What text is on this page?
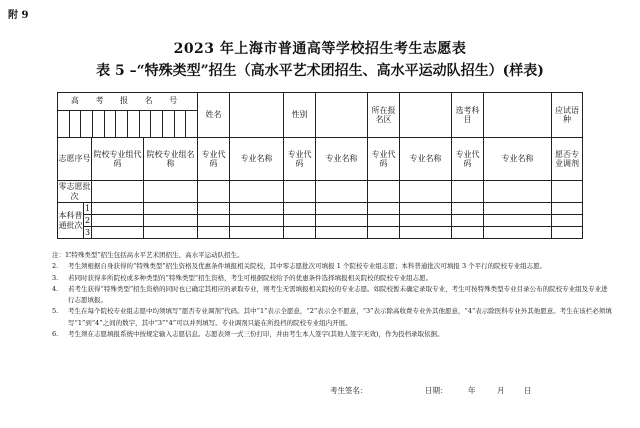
附 9
2023 年上海市普通高等学校招生考生志愿表
表 5 –“特殊类型”招生（高水平艺术团招生、高水平运动队招生）(样表)
高 考 报 名 号				姓名		性别		所在报名区		选考科目		应试语种
志愿序号		院校专业组代码	院校专业组名称	专业代码	专业名称	专业代码	专业名称	专业代码	专业名称	专业代码	专业名称	愿否专业调剂
零志愿批次												
本科普通批次	1											
	2											
	3											
注：1.
“特殊类型”招生包括高水平艺术团招生、高水平运动队招生。
2. 考生须根据自身获得的“特殊类型”招生资格及优惠条件填报相关院校，其中零志愿批次可填报 1 个院校专业组志愿；本科普通批次可填报 3 个平行的院校专业组志愿。
3. 若同时获得多所院校或多种类型的“特殊类型”招生资格，考生可根据院校给予的优惠条件选择填报相关院校的院校专业组志愿。
4. 若考生获得“特殊类型”招生资格的同时也已确定其相应的录取专业，则考生无需填报相关院校的专业志愿。如院校暂未确定录取专业，考生可按特殊类型专业目录公布的院校专业组及专业进行志愿填报。
5. 考生在每个院校专业组志愿中均须填写“愿否专业调剂”代码。其中“1”表示全愿意，“2”表示全不愿意，“3”表示除高收费专业外其他愿意，“4”表示除医科专业外其他愿意。考生在该栏必须填写“1”到“4”之间的数字，其中“3”“4”可以并列填写。专业调剂只能在所投档的院校专业组内开展。
6. 考生须在志愿填报系统中按规定输入志愿信息。志愿表须一式三份打印，并由考生本人签字(其他人签字无效)，作为投档录取依据。
考生签名：	日期：	年	月	日
